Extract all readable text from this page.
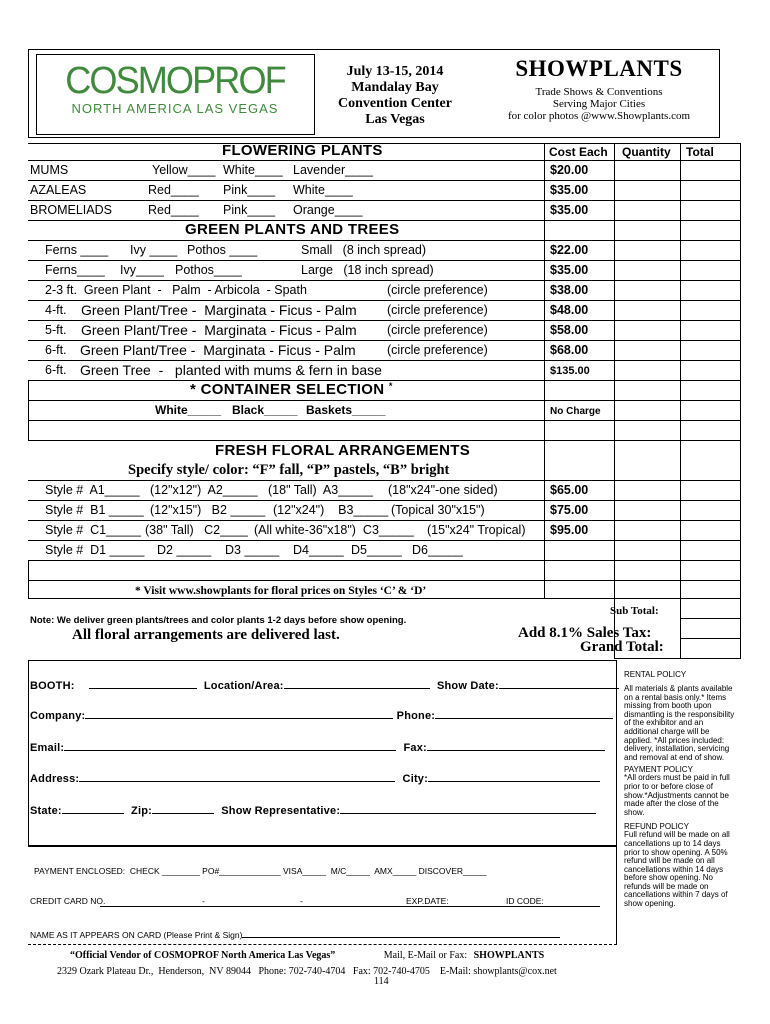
COSMOPROF
NORTH AMERICA LAS VEGAS
July 13-15, 2014
Mandalay Bay
Convention Center
Las Vegas
SHOWPLANTS
Trade Shows & Conventions
Serving Major Cities
for color photos @www.Showplants.com
Cost Each Quantity Total
FLOWERING PLANTS
MUMS	Yellow____ White____ Lavender____	$20.00
AZALEAS	Red____ Pink____ White____	$35.00
BROMELIADS	Red____ Pink____ Orange____	$35.00
GREEN PLANTS AND TREES
Ferns ____ Ivy ____ Pothos ____	Small   (8 inch spread)	$22.00
Ferns____ Ivy____ Pothos____	Large   (18 inch spread)	$35.00
2-3 ft.  Green Plant  -   Palm  - Arbicola  - Spath	(circle preference)	$38.00
4-ft. Green Plant/Tree -  Marginata - Ficus - Palm (circle preference)	$48.00
5-ft. Green Plant/Tree -  Marginata - Ficus - Palm (circle preference)	$58.00
6-ft. Green Plant/Tree -  Marginata - Ficus - Palm	(circle preference)	$68.00
6-ft. Green Tree  -   planted with mums & fern in base	$135.00
* CONTAINER SELECTION *
White_____ Black_____ Baskets_____	No Charge
FRESH FLORAL ARRANGEMENTS
Specify style/ color: “F” fall, “P” pastels, “B” bright
Style #  A1_____ (12"x12")  A2_____ (18" Tall)  A3_____ (18"x24"-one sided)	$65.00
Style #  B1 _____ (12"x15")   B2 _____ (12"x24")    B3_____ (Topical 30"x15")	$75.00
Style #  C1_____ (38" Tall)   C2____ (All white-36"x18")  C3_____ (15"x24" Tropical) $95.00
Style #  D1 _____ D2 _____ D3 _____ D4_____ D5_____ D6_____
* Visit www.showplants for floral prices on Styles ‘C’ & ‘D’
Note: We deliver green plants/trees and color plants 1-2 days before show opening.
All floral arrangements are delivered last.
Sub Total:
Add 8.1% Sales Tax:
Grand Total:
BOOTH:	Location/Area:	Show Date:
Company:	Phone:
Email:	Fax:
Address:	City:
State:	Zip:	Show Representative:
PAYMENT ENCLOSED:  CHECK ________ PO#_____________ VISA_____  M/C_____  AMX_____ DISCOVER_____
CREDIT CARD NO.	-	-	EXP.DATE:	ID CODE:
NAME AS IT APPEARS ON CARD (Please Print & Sign)
RENTAL POLICY
All materials & plants available on a rental basis only.* Items missing from booth upon dismantling is the responsibility of the exhibitor and an additional charge will be applied. *All prices included: delivery, installation, servicing and removal at end of show.
PAYMENT POLICY
*All orders must be paid in full prior to or before close of show.*Adjustments cannot be made after the close of the show.
REFUND POLICY
Full refund will be made on all cancellations up to 14 days prior to show opening. A 50% refund will be made on all cancellations within 14 days before show opening. No refunds will be made on cancellations within 7 days of show opening.
“Official Vendor of COSMOPROF North America Las Vegas”	Mail, E-Mail or Fax: SHOWPLANTS
2329 Ozark Plateau Dr.,  Henderson,  NV 89044   Phone: 702-740-4704   Fax: 702-740-4705    E-Mail: showplants@cox.net
114
